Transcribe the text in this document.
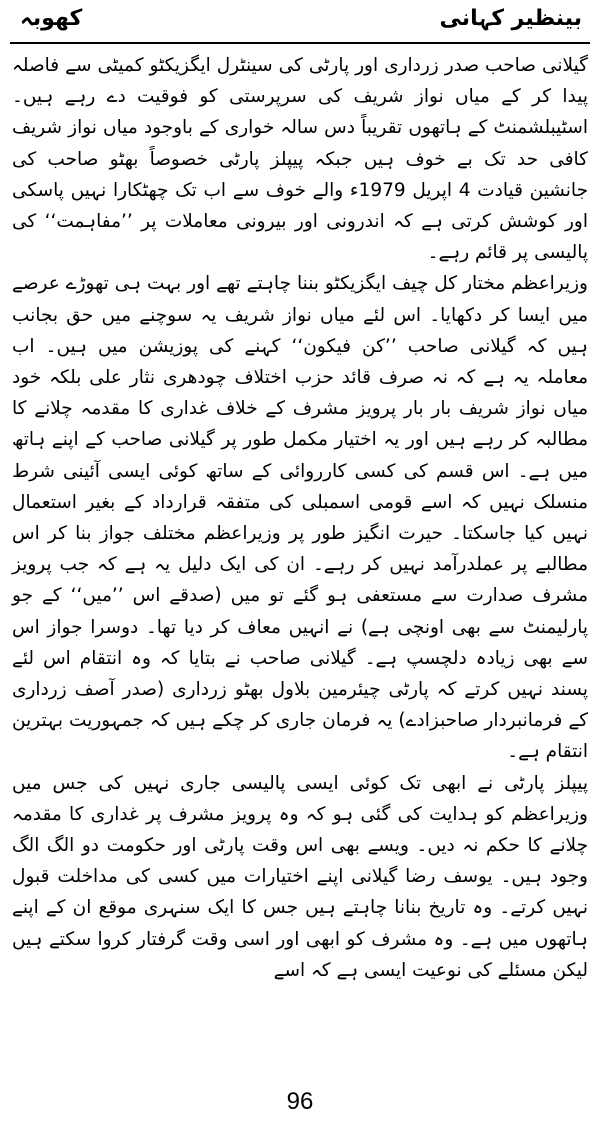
بینظیر کہانی
کھوبہ

گیلانی صاحب صدر زرداری اور پارٹی کی سینٹرل ایگزیکٹو کمیٹی سے فاصلہ پیدا کر کے میاں نواز شریف کی سرپرستی کو فوقیت دے رہے ہیں۔ اسٹیبلشمنٹ کے ہاتھوں تقریباً دس سالہ خواری کے باوجود میاں نواز شریف کافی حد تک بے خوف ہیں جبکہ پیپلز پارٹی خصوصاً بھٹو صاحب کی جانشین قیادت 4 اپریل 1979ء والے خوف سے اب تک چھٹکارا نہیں پاسکی اور کوشش کرتی ہے کہ اندرونی اور بیرونی معاملات پر ’’مفاہمت‘‘ کی پالیسی پر قائم رہے۔

وزیراعظم مختار کل چیف ایگزیکٹو بننا چاہتے تھے اور بہت ہی تھوڑے عرصے میں ایسا کر دکھایا۔ اس لئے میاں نواز شریف یہ سوچنے میں حق بجانب ہیں کہ گیلانی صاحب ’’کن فیکون‘‘ کہنے کی پوزیشن میں ہیں۔ اب معاملہ یہ ہے کہ نہ صرف قائد حزب اختلاف چودھری نثار علی بلکہ خود میاں نواز شریف بار بار پرویز مشرف کے خلاف غداری کا مقدمہ چلانے کا مطالبہ کر رہے ہیں اور یہ اختیار مکمل طور پر گیلانی صاحب کے اپنے ہاتھ میں ہے۔ اس قسم کی کسی کارروائی کے ساتھ کوئی ایسی آئینی شرط منسلک نہیں کہ اسے قومی اسمبلی کی متفقہ قرارداد کے بغیر استعمال نہیں کیا جاسکتا۔ حیرت انگیز طور پر وزیراعظم مختلف جواز بنا کر اس مطالبے پر عملدرآمد نہیں کر رہے۔ ان کی ایک دلیل یہ ہے کہ جب پرویز مشرف صدارت سے مستعفی ہو گئے تو میں (صدقے اس ’’میں‘‘ کے جو پارلیمنٹ سے بھی اونچی ہے) نے انہیں معاف کر دیا تھا۔ دوسرا جواز اس سے بھی زیادہ دلچسپ ہے۔ گیلانی صاحب نے بتایا کہ وہ انتقام اس لئے پسند نہیں کرتے کہ پارٹی چیئرمین بلاول بھٹو زرداری (صدر آصف زرداری کے فرمانبردار صاحبزادے) یہ فرمان جاری کر چکے ہیں کہ جمہوریت بہترین انتقام ہے۔

پیپلز پارٹی نے ابھی تک کوئی ایسی پالیسی جاری نہیں کی جس میں وزیراعظم کو ہدایت کی گئی ہو کہ وہ پرویز مشرف پر غداری کا مقدمہ چلانے کا حکم نہ دیں۔ ویسے بھی اس وقت پارٹی اور حکومت دو الگ الگ وجود ہیں۔ یوسف رضا گیلانی اپنے اختیارات میں کسی کی مداخلت قبول نہیں کرتے۔ وہ تاریخ بنانا چاہتے ہیں جس کا ایک سنہری موقع ان کے اپنے ہاتھوں میں ہے۔ وہ مشرف کو ابھی اور اسی وقت گرفتار کروا سکتے ہیں لیکن مسئلے کی نوعیت ایسی ہے کہ اسے

96
